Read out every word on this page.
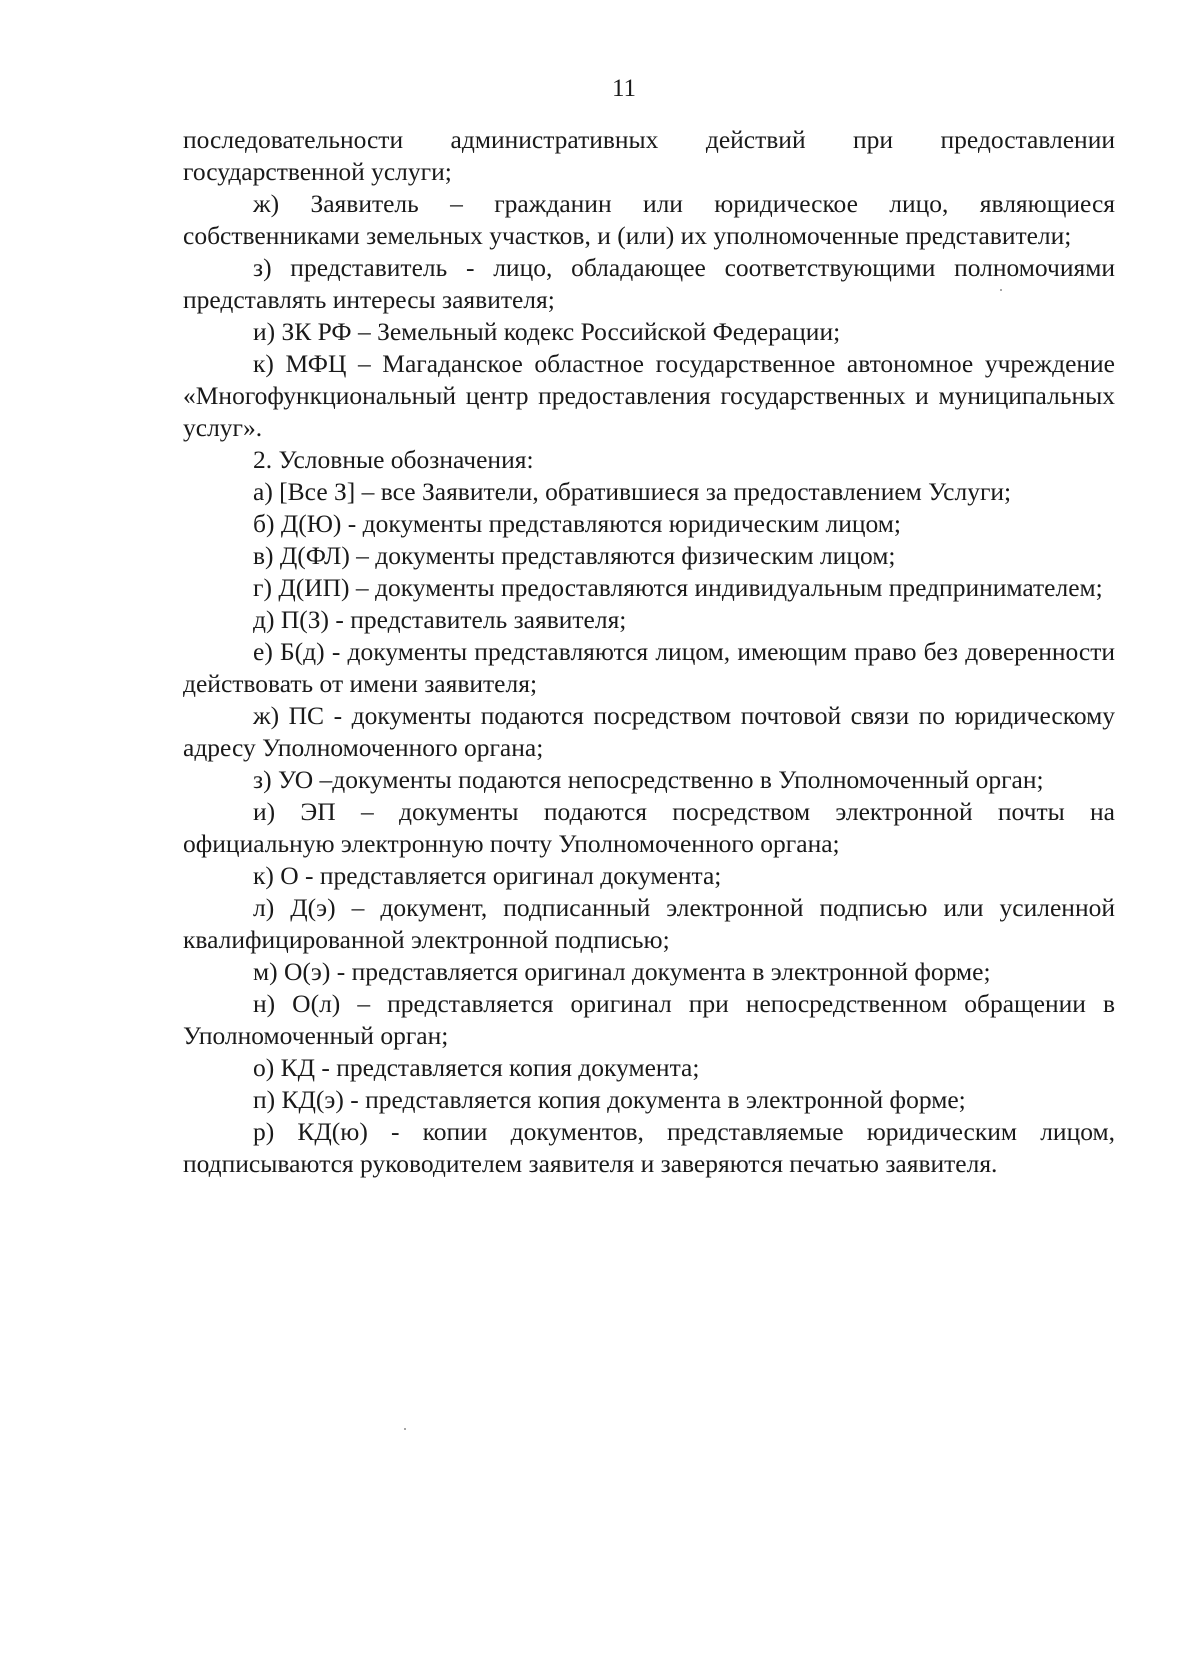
11

последовательности административных действий при предоставлении государственной услуги;

ж) Заявитель – гражданин или юридическое лицо, являющиеся собственниками земельных участков, и (или) их уполномоченные представители;

з) представитель - лицо, обладающее соответствующими полномочиями представлять интересы заявителя;

и) ЗК РФ – Земельный кодекс Российской Федерации;

к) МФЦ – Магаданское областное государственное автономное учреждение «Многофункциональный центр предоставления государственных и муниципальных услуг».

2. Условные обозначения:

а) [Все З] – все Заявители, обратившиеся за предоставлением Услуги;

б) Д(Ю) - документы представляются юридическим лицом;

в) Д(ФЛ) – документы представляются физическим лицом;

г) Д(ИП) – документы предоставляются индивидуальным предпринимателем;

д) П(З) - представитель заявителя;

е) Б(д) - документы представляются лицом, имеющим право без доверенности действовать от имени заявителя;

ж) ПС - документы подаются посредством почтовой связи по юридическому адресу Уполномоченного органа;

з) УО –документы подаются непосредственно в Уполномоченный орган;

и) ЭП – документы подаются посредством электронной почты на официальную электронную почту Уполномоченного органа;

к) О - представляется оригинал документа;

л) Д(э) – документ, подписанный электронной подписью или усиленной квалифицированной электронной подписью;

м) О(э) - представляется оригинал документа в электронной форме;

н) О(л) – представляется оригинал при непосредственном обращении в Уполномоченный орган;

о) КД - представляется копия документа;

п) КД(э) - представляется копия документа в электронной форме;

р) КД(ю) - копии документов, представляемые юридическим лицом, подписываются руководителем заявителя и заверяются печатью заявителя.
